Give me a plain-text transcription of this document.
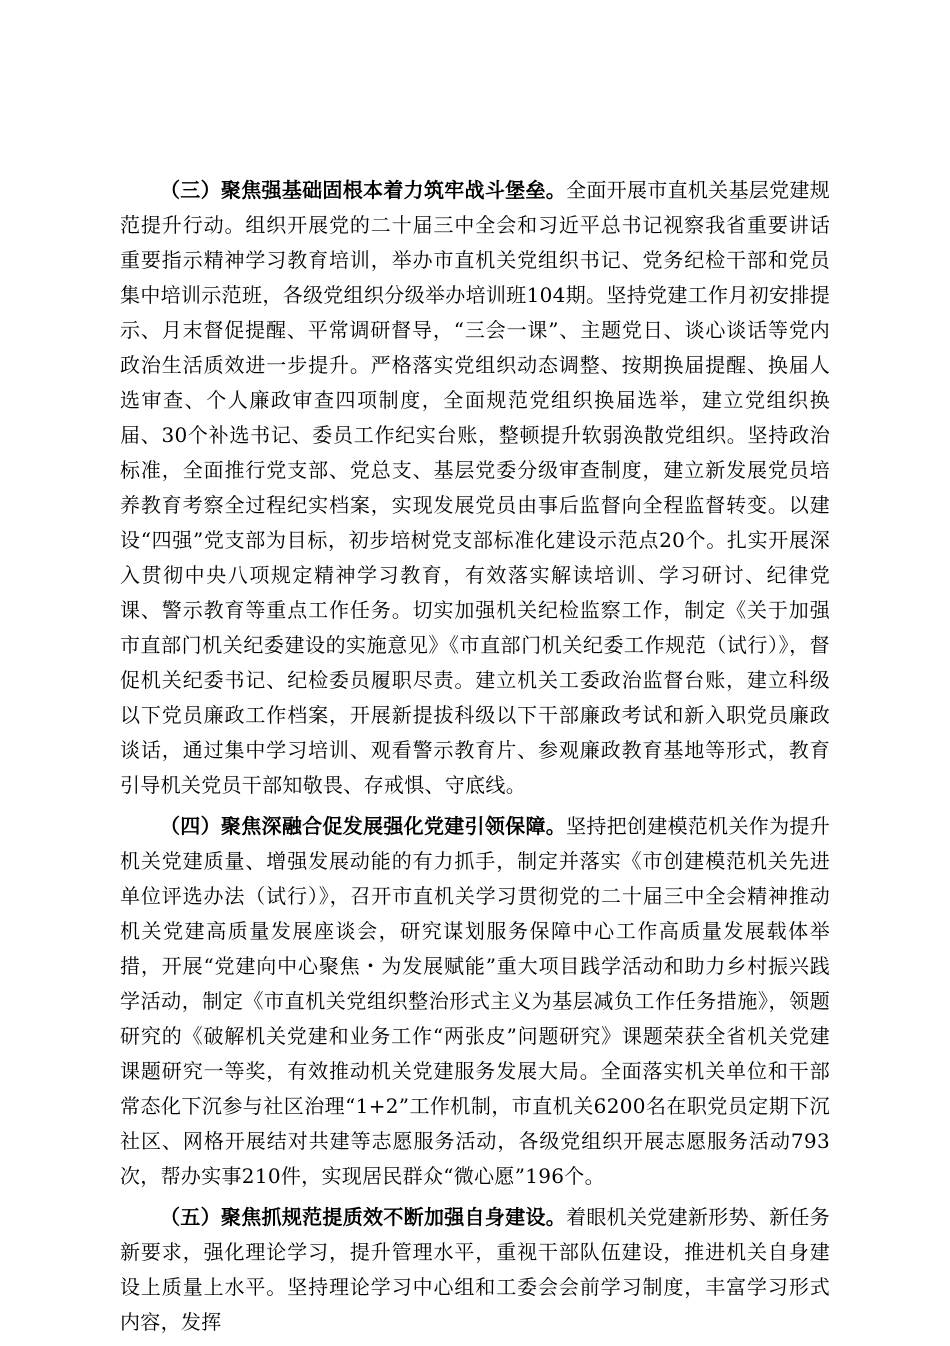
（三）聚焦强基础固根本着力筑牢战斗堡垒。全面开展市直机关基层党建规范提升行动。组织开展党的二十届三中全会和习近平总书记视察我省重要讲话重要指示精神学习教育培训，举办市直机关党组织书记、党务纪检干部和党员集中培训示范班，各级党组织分级举办培训班104期。坚持党建工作月初安排提示、月末督促提醒、平常调研督导，“三会一课”、主题党日、谈心谈话等党内政治生活质效进一步提升。严格落实党组织动态调整、按期换届提醒、换届人选审查、个人廉政审查四项制度，全面规范党组织换届选举，建立党组织换届、30个补选书记、委员工作纪实台账，整顿提升软弱涣散党组织。坚持政治标准，全面推行党支部、党总支、基层党委分级审查制度，建立新发展党员培养教育考察全过程纪实档案，实现发展党员由事后监督向全程监督转变。以建设“四强”党支部为目标，初步培树党支部标准化建设示范点20个。扎实开展深入贯彻中央八项规定精神学习教育，有效落实解读培训、学习研讨、纪律党课、警示教育等重点工作任务。切实加强机关纪检监察工作，制定《关于加强市直部门机关纪委建设的实施意见》《市直部门机关纪委工作规范（试行）》，督促机关纪委书记、纪检委员履职尽责。建立机关工委政治监督台账，建立科级以下党员廉政工作档案，开展新提拔科级以下干部廉政考试和新入职党员廉政谈话，通过集中学习培训、观看警示教育片、参观廉政教育基地等形式，教育引导机关党员干部知敬畏、存戒惧、守底线。

（四）聚焦深融合促发展强化党建引领保障。坚持把创建模范机关作为提升机关党建质量、增强发展动能的有力抓手，制定并落实《市创建模范机关先进单位评选办法（试行）》，召开市直机关学习贯彻党的二十届三中全会精神推动机关党建高质量发展座谈会，研究谋划服务保障中心工作高质量发展载体举措，开展“党建向中心聚焦・为发展赋能”重大项目践学活动和助力乡村振兴践学活动，制定《市直机关党组织整治形式主义为基层减负工作任务措施》，领题研究的《破解机关党建和业务工作“两张皮”问题研究》课题荣获全省机关党建课题研究一等奖，有效推动机关党建服务发展大局。全面落实机关单位和干部常态化下沉参与社区治理“1+2”工作机制，市直机关6200名在职党员定期下沉社区、网格开展结对共建等志愿服务活动，各级党组织开展志愿服务活动793次，帮办实事210件，实现居民群众“微心愿”196个。

（五）聚焦抓规范提质效不断加强自身建设。着眼机关党建新形势、新任务新要求，强化理论学习，提升管理水平，重视干部队伍建设，推进机关自身建设上质量上水平。坚持理论学习中心组和工委会会前学习制度，丰富学习形式内容，发挥
